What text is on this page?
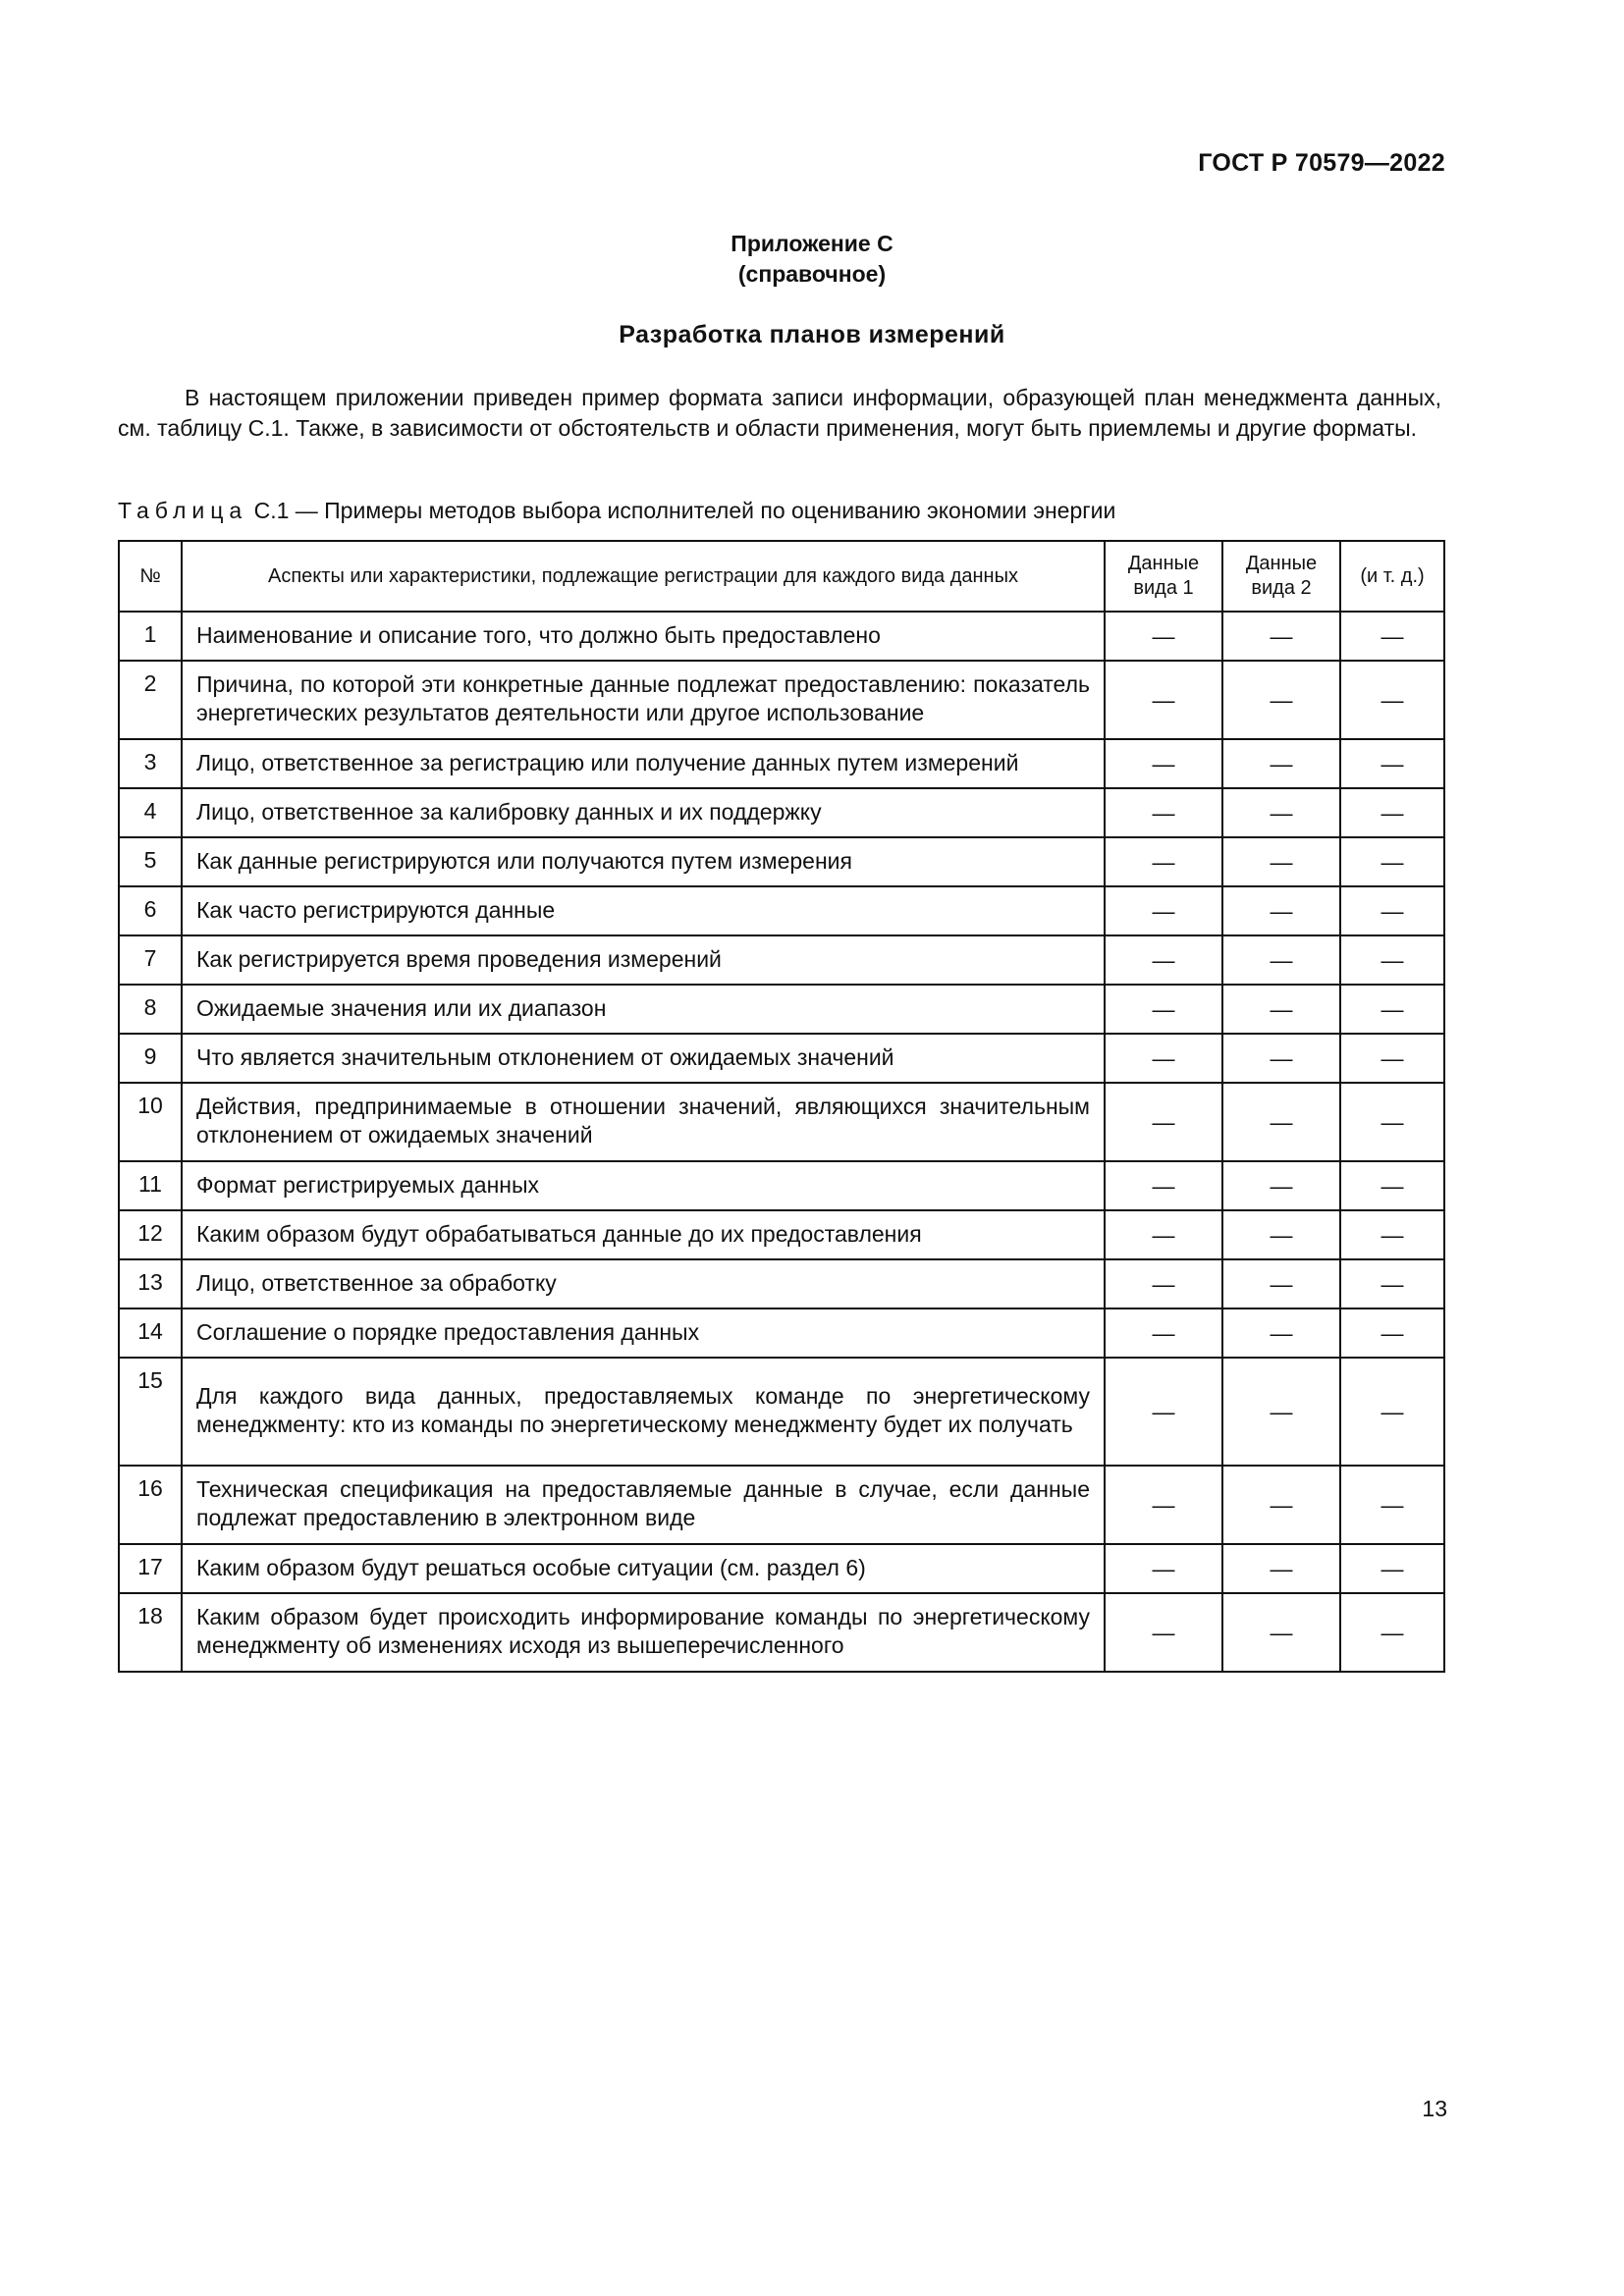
ГОСТ Р 70579—2022
Приложение С
(справочное)
Разработка планов измерений

В настоящем приложении приведен пример формата записи информации, образующей план менеджмента данных, см. таблицу С.1. Также, в зависимости от обстоятельств и области применения, могут быть приемлемы и другие форматы.

Таблица С.1 — Примеры методов выбора исполнителей по оцениванию экономии энергии
№	Аспекты или характеристики, подлежащие регистрации для каждого вида данных	Данные вида 1	Данные вида 2	(и т. д.)
1	Наименование и описание того, что должно быть предоставлено	—	—	—
2	Причина, по которой эти конкретные данные подлежат предоставлению: показатель энергетических результатов деятельности или другое использование	—	—	—
3	Лицо, ответственное за регистрацию или получение данных путем измерений	—	—	—
4	Лицо, ответственное за калибровку данных и их поддержку	—	—	—
5	Как данные регистрируются или получаются путем измерения	—	—	—
6	Как часто регистрируются данные	—	—	—
7	Как регистрируется время проведения измерений	—	—	—
8	Ожидаемые значения или их диапазон	—	—	—
9	Что является значительным отклонением от ожидаемых значений	—	—	—
10	Действия, предпринимаемые в отношении значений, являющихся значительным отклонением от ожидаемых значений	—	—	—
11	Формат регистрируемых данных	—	—	—
12	Каким образом будут обрабатываться данные до их предоставления	—	—	—
13	Лицо, ответственное за обработку	—	—	—
14	Соглашение о порядке предоставления данных	—	—	—
15	Для каждого вида данных, предоставляемых команде по энергетическому менеджменту: кто из команды по энергетическому менеджменту будет их получать	—	—	—
16	Техническая спецификация на предоставляемые данные в случае, если данные подлежат предоставлению в электронном виде	—	—	—
17	Каким образом будут решаться особые ситуации (см. раздел 6)	—	—	—
18	Каким образом будет происходить информирование команды по энергетическому менеджменту об изменениях исходя из вышеперечисленного	—	—	—
13
